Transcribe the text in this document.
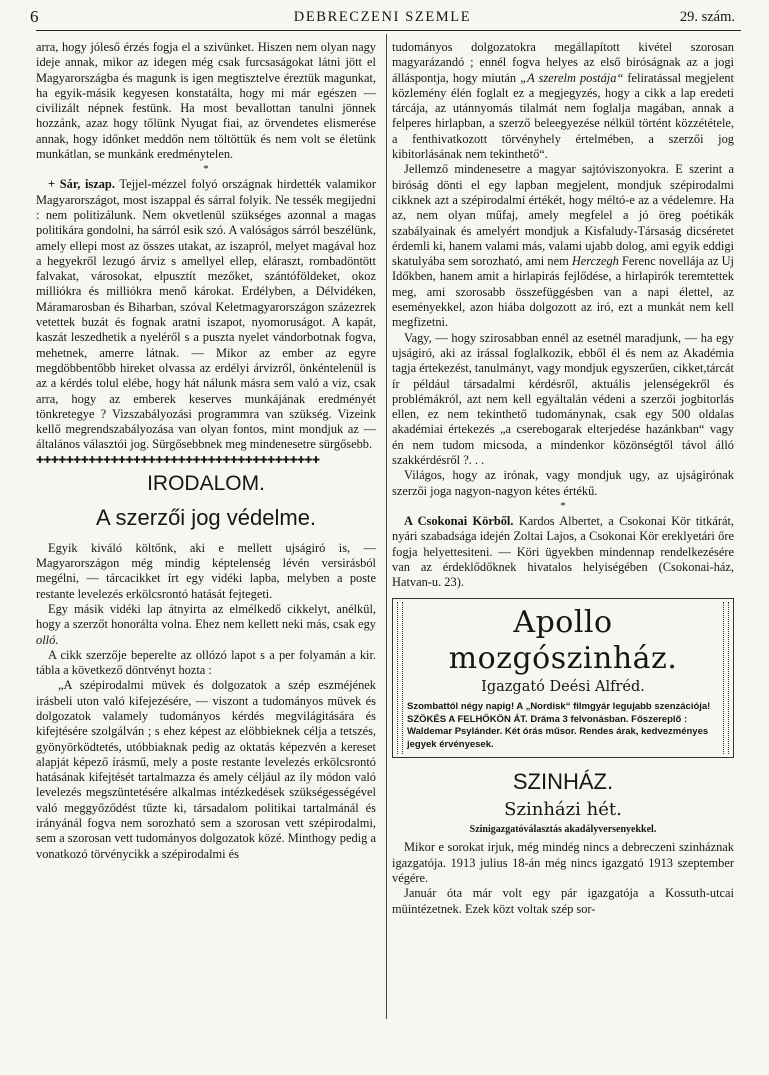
6	DEBRECZENI SZEMLE	29. szám.

arra, hogy jóleső érzés fogja el a szivünket. Hiszen nem olyan nagy ideje annak, mikor az idegen még csak furcsaságokat látni jött el Magyarországba és magunk is igen megtisztelve éreztük magunkat, ha egyik-másik kegyesen konstatálta, hogy mi már egészen — civilizált népnek festünk. Ha most bevallottan tanulni jönnek hozzánk, azaz hogy tőlünk Nyugat fiai, az örvendetes elismerése annak, hogy időnket meddőn nem töltöttük és nem volt se életünk munkátlan, se munkánk eredménytelen.

*

+ Sár, iszap. Tejjel-mézzel folyó országnak hirdették valamikor Magyarországot, most iszappal és sárral folyik. Ne tessék megijedni : nem politizálunk. Nem okvetlenül szükséges azonnal a magas politikára gondolni, ha sárról esik szó. A valóságos sárról beszélünk, amely ellepi most az összes utakat, az iszapról, melyet magával hoz a hegyekről lezugó árviz s amellyel ellep, eláraszt, rombadöntött falvakat, városokat, elpusztít mezőket, szántóföldeket, okoz milliókra és milliókra menő károkat. Erdélyben, a Délvidéken, Máramarosban és Biharban, szóval Keletmagyarországon százezrek vetettek buzát és fognak aratni iszapot, nyomoruságot. A kapát, kaszát leszedhetik a nyeléről s a puszta nyelet vándorbotnak fogva, mehetnek, amerre látnak. — Mikor az ember az egyre megdöbbentőbb hireket olvassa az erdélyi árvizről, önkéntelenül is az a kérdés tolul elébe, hogy hát nálunk másra sem való a viz, csak arra, hogy az emberek keserves munkájának eredményét tönkretegye ? Vizszabályozási programmra van szükség. Vizeink kellő megrendszabályozása van olyan fontos, mint mondjuk az — általános választói jog. Sürgősebbnek meg mindenesetre sürgősebb.

✚✚✚✚✚✚✚✚✚✚✚✚✚✚✚✚✚✚✚✚✚✚✚✚✚✚✚✚✚✚✚✚✚✚✚✚✚✚
IRODALOM.
A szerzői jog védelme.

Egyik kiváló költőnk, aki e mellett ujságiró is, — Magyarországon még mindig képtelenség lévén versirásból megélni, — tárcacikket írt egy vidéki lapba, melyben a poste restante levelezés erkölcsrontó hatását fejtegeti.

Egy másik vidéki lap átnyirta az elmélkedő cikkelyt, anélkül, hogy a szerzőt honorálta volna. Ehez nem kellett neki más, csak egy olló.

A cikk szerzője beperelte az ollózó lapot s a per folyamán a kir. tábla a következő döntvényt hozta :

„A szépirodalmi müvek és dolgozatok a szép eszméjének irásbeli uton való kifejezésére, — viszont a tudományos müvek és dolgozatok valamely tudományos kérdés megvilágitására és kifejtésére szolgálván ; s ehez képest az elöbbieknek célja a tetszés, gyönyörködtetés, utóbbiaknak pedig az oktatás képezvén a kereset alapját képező írásmű, mely a poste restante levelezés erkölcsrontó hatásának kifejtését tartalmazza és amely céljául az íly módon való levelezés megszüntetésére alkalmas intézkedések szükségességével való meggyőződést tűzte ki, társadalom politikai tartalmánál és irányánál fogva nem sorozható sem a szorosan vett szépirodalmi, sem a szorosan vett tudományos dolgozatok közé. Minthogy pedig a vonatkozó törvénycikk a szépirodalmi és

tudományos dolgozatokra megállapított kivétel szorosan magyarázandó ; ennél fogva helyes az első biróságnak az a jogi álláspontja, hogy miután „A szerelm postája“ feliratással megjelent közlemény élén foglalt ez a megjegyzés, hogy a cikk a lap eredeti tárcája, az utánnyomás tilalmát nem foglalja magában, annak a felperes hirlapban, a szerző beleegyezése nélkül történt közzététele, a fenthivatkozott törvényhely értelmében, a szerzői jog kibitorlásának nem tekinthető“.

Jellemző mindenesetre a magyar sajtóviszonyokra. E szerint a biróság dönti el egy lapban megjelent, mondjuk szépirodalmi cikknek azt a szépirodalmi értékét, hogy méltó-e az a védelemre. Ha az, nem olyan műfaj, amely megfelel a jó öreg poétikák szabályainak és amelyért mondjuk a Kisfaludy-Társaság dicséretet érdemli ki, hanem valami más, valami ujabb dolog, ami egyik eddigi skatulyába sem sorozható, ami nem Herczegh Ferenc novellája az Uj Időkben, hanem amit a hirlapirás fejlődése, a hirlapirók teremtettek meg, ami szorosabb összefüggésben van a napi élettel, az eseményekkel, azon hiába dolgozott az iró, ezt a munkát nem kell megfizetni.

Vagy, — hogy szirosabban ennél az esetnél maradjunk, — ha egy ujságiró, aki az irással foglalkozik, ebből él és nem az Akadémia tagja értekezést, tanulmányt, vagy mondjuk egyszerűen, cikket,tárcát ír például társadalmi kérdésről, aktuális jelenségekről és problémákról, azt nem kell egyáltalán védeni a szerzői jogbitorlás ellen, ez nem tekinthető tudománynak, csak egy 500 oldalas akadémiai értekezés „a cserebogarak elterjedése hazánkban“ vagy én nem tudom micsoda, a mindenkor közönségtől távol álló szakkérdésről ?. . .

Világos, hogy az irónak, vagy mondjuk ugy, az ujságirónak szerzői joga nagyon-nagyon kétes értékű.

*

A Csokonai Körből. Kardos Albertet, a Csokonai Kör titkárát, nyári szabadsága idején Zoltai Lajos, a Csokonai Kör ereklyetári őre fogja helyettesiteni. — Köri ügyekben mindennap rendelkezésére van az érdeklődőknek hivatalos helyiségében (Csokonai-ház, Hatvan-u. 23).

Apollo mozgószinház.
Igazgató Deési Alfréd.
Szombattól négy napig! A „Nordisk“ filmgyár legujabb szenzációja!
SZÖKÉS A FELHŐKÖN ÁT. Dráma 3 felvonásban. Főszereplő : Waldemar Psylánder. Két órás műsor. Rendes árak, kedvezményes jegyek érvényesek.
SZINHÁZ.
Szinházi hét.
Szinigazgatóválasztás akadályversenyekkel.

Mikor e sorokat irjuk, még mindég nincs a debreczeni szinháznak igazgatója. 1913 julius 18-án még nincs igazgató 1913 szeptember végére.

Január óta már volt egy pár igazgatója a Kossuth-utcai müintézetnek. Ezek közt voltak szép sor-
